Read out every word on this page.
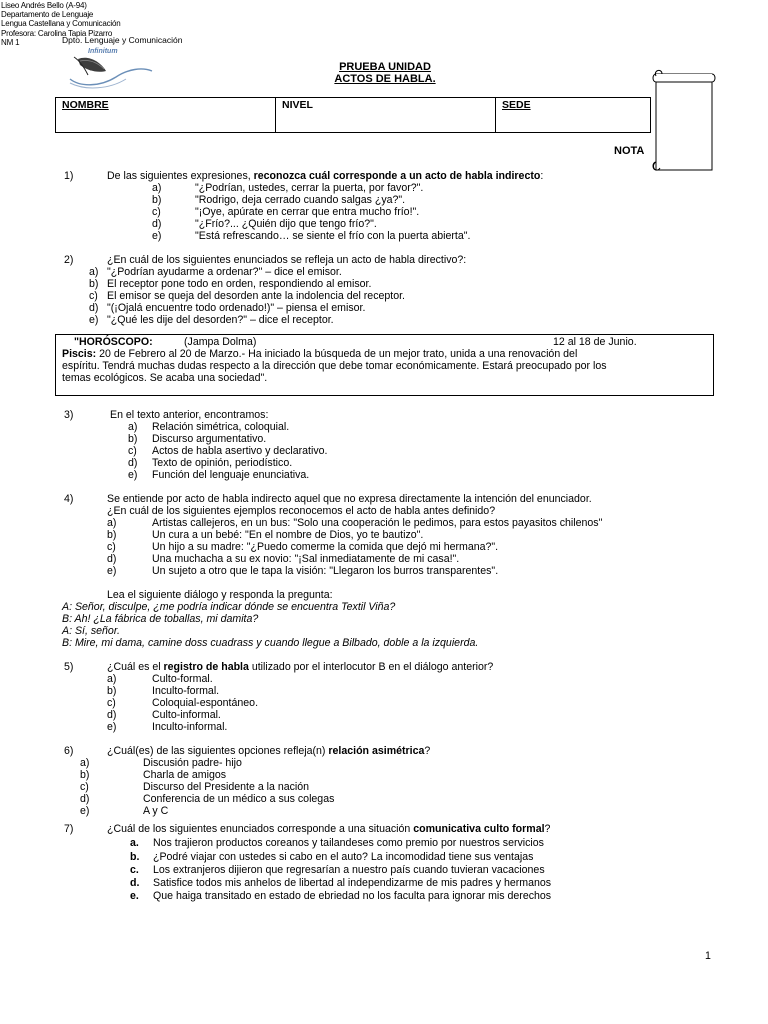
Liseo Andrés Bello (A-94)
Departamento de Lenguaje
Lengua Castellana y Comunicación
Profesora: Carolina Tapia Pizarro
NM 1	Dpto. Lenguaje y Comunicación
Infinitum
PRUEBA UNIDAD
ACTOS DE HABLA.
NOMBRE	NIVEL	SEDE
NOTA
1)	De las siguientes expresiones, reconozca cuál corresponde a un acto de habla indirecto:
a)	"¿Podrían, ustedes, cerrar la puerta, por favor?".
b)	"Rodrigo, deja cerrado cuando salgas ¿ya?".
c)	"¡Oye, apúrate en cerrar que entra mucho frío!".
d)	"¿Frío?... ¿Quién dijo que tengo frío?".
e)	"Está refrescando… se siente el frío con la puerta abierta".
2)	¿En cuál de los siguientes enunciados se refleja un acto de habla directivo?:
a) "¿Podrían ayudarme a ordenar?" – dice el emisor.
b) El receptor pone todo en orden, respondiendo al emisor.
c) El emisor se queja del desorden ante la indolencia del receptor.
d) "(¡Ojalá encuentre todo ordenado!)" – piensa el emisor.
e) "¿Qué les dije del desorden?" – dice el receptor.
"HORÓSCOPO:	(Jampa Dolma)	12 al 18 de Junio.
Piscis: 20 de Febrero al 20 de Marzo.- Ha iniciado la búsqueda de un mejor trato, unida a una renovación del
espíritu. Tendrá muchas dudas respecto a la dirección que debe tomar económicamente. Estará preocupado por los
temas ecológicos. Se acaba una sociedad".
3)	En el texto anterior, encontramos:
a) Relación simétrica, coloquial.
b) Discurso argumentativo.
c) Actos de habla asertivo y declarativo.
d) Texto de opinión, periodístico.
e) Función del lenguaje enunciativa.
4)	Se entiende por acto de habla indirecto aquel que no expresa directamente la intención del enunciador.
¿En cuál de los siguientes ejemplos reconocemos el acto de habla antes definido?
a)	Artistas callejeros, en un bus: "Solo una cooperación le pedimos, para estos payasitos chilenos"
b)	Un cura a un bebé: "En el nombre de Dios, yo te bautizo".
c)	Un hijo a su madre: "¿Puedo comerme la comida que dejó mi hermana?".
d)	Una muchacha a su ex novio: "¡Sal inmediatamente de mi casa!".
e)	Un sujeto a otro que le tapa la visión: "Llegaron los burros transparentes".
Lea el siguiente diálogo y responda la pregunta:
A: Señor, disculpe, ¿me podría indicar dónde se encuentra Textil Viña?
B: Ah! ¿La fábrica de toballas, mi damita?
A: Sí, señor.
B: Mire, mi dama, camine doss cuadrass y cuando llegue a Bilbado, doble a la izquierda.
5)	¿Cuál es el registro de habla utilizado por el interlocutor B en el diálogo anterior?
a)	Culto-formal.
b)	Inculto-formal.
c)	Coloquial-espontáneo.
d)	Culto-informal.
e)	Inculto-informal.
6)	¿Cuál(es) de las siguientes opciones refleja(n) relación asimétrica?
a)	Discusión padre- hijo
b)	Charla de amigos
c)	Discurso del Presidente a la nación
d)	Conferencia de un médico a sus colegas
e)	A y C
7)	¿Cuál de los siguientes enunciados corresponde a una situación comunicativa culto formal?
a. Nos trajieron productos coreanos y tailandeses como premio por nuestros servicios
b. ¿Podré viajar con ustedes si cabo en el auto? La incomodidad tiene sus ventajas
c. Los extranjeros dijieron que regresarían a nuestro país cuando tuvieran vacaciones
d. Satisfice todos mis anhelos de libertad al independizarme de mis padres y hermanos
e. Que haiga transitado en estado de ebriedad no los faculta para ignorar mis derechos
1
